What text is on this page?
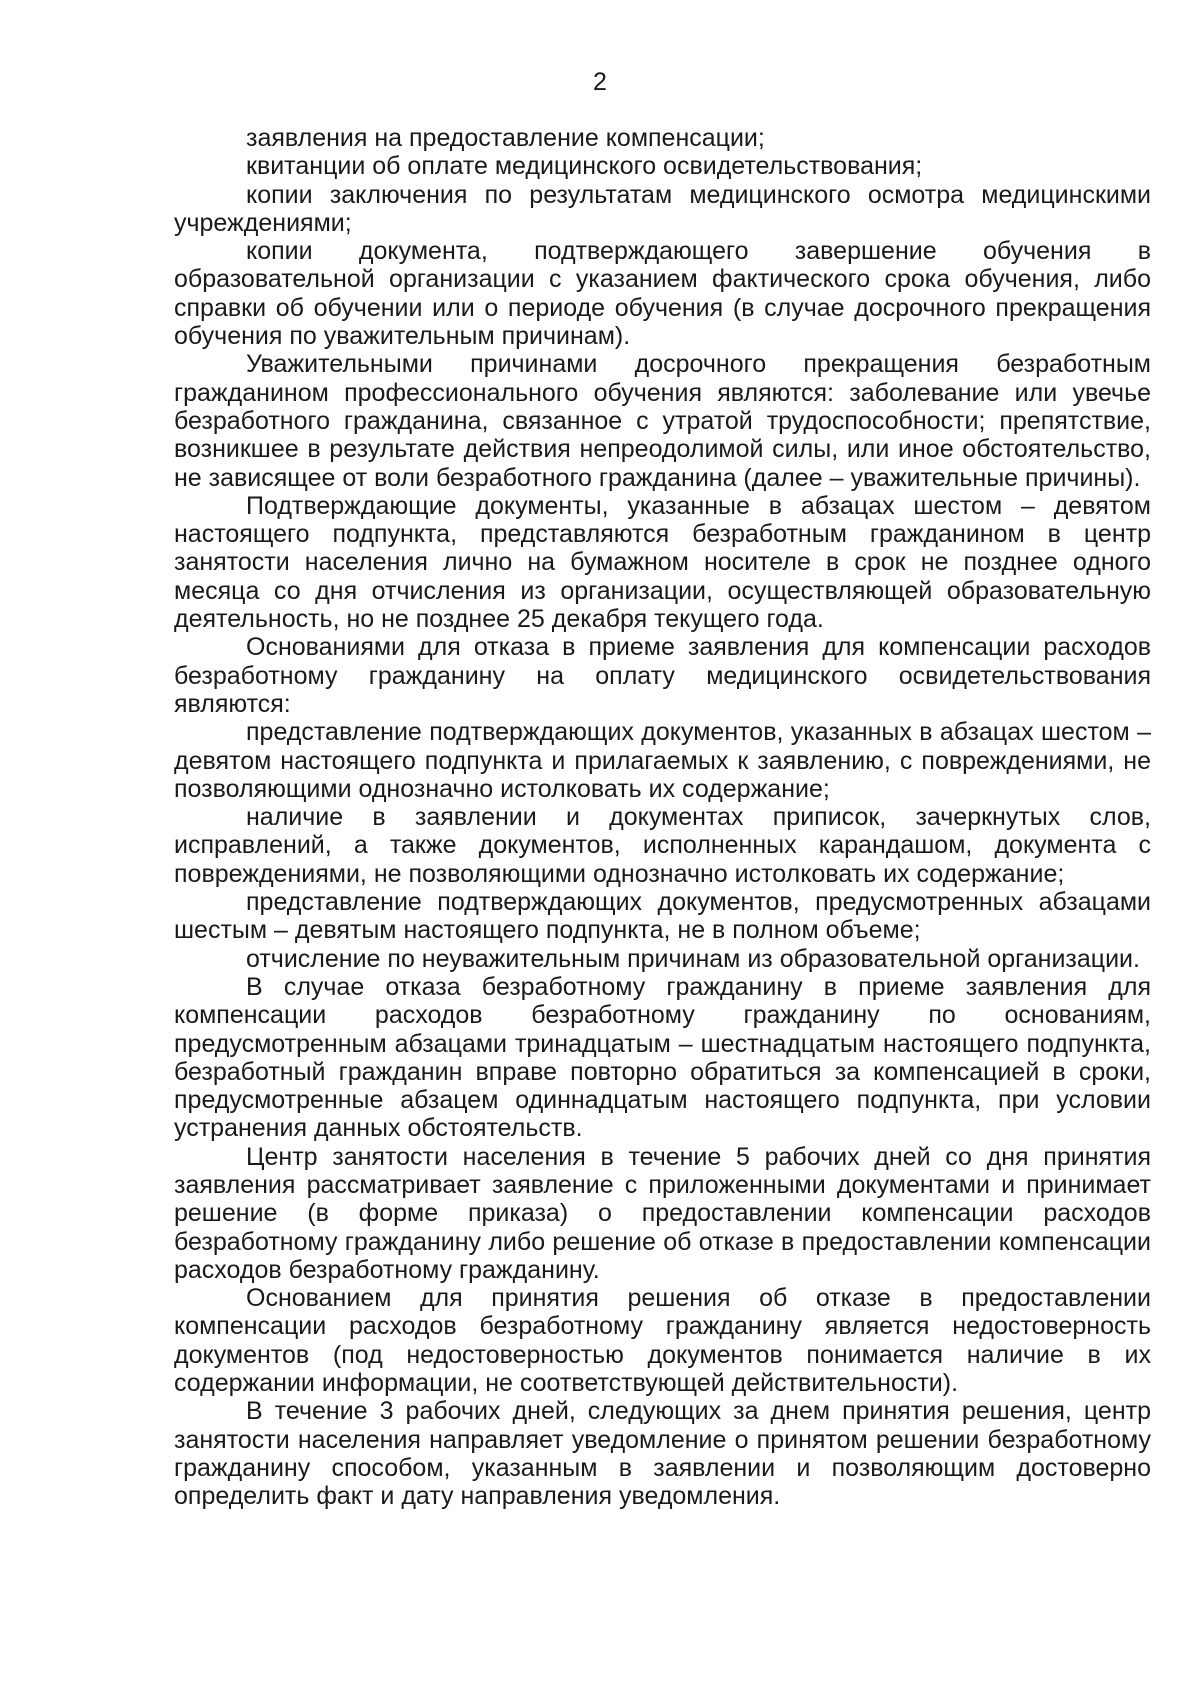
2

заявления на предоставление компенсации;

квитанции об оплате медицинского освидетельствования;

копии заключения по результатам медицинского осмотра медицинскими учреждениями;

копии документа, подтверждающего завершение обучения в образовательной организации с указанием фактического срока обучения, либо справки об обучении или о периоде обучения (в случае досрочного прекращения обучения по уважительным причинам).

Уважительными причинами досрочного прекращения безработным гражданином профессионального обучения являются: заболевание или увечье безработного гражданина, связанное с утратой трудоспособности; препятствие, возникшее в результате действия непреодолимой силы, или иное обстоятельство, не зависящее от воли безработного гражданина (далее – уважительные причины).

Подтверждающие документы, указанные в абзацах шестом – девятом настоящего подпункта, представляются безработным гражданином в центр занятости населения лично на бумажном носителе в срок не позднее одного месяца со дня отчисления из организации, осуществляющей образовательную деятельность, но не позднее 25 декабря текущего года.

Основаниями для отказа в приеме заявления для компенсации расходов безработному гражданину на оплату медицинского освидетельствования являются:

представление подтверждающих документов, указанных в абзацах шестом – девятом настоящего подпункта и прилагаемых к заявлению, с повреждениями, не позволяющими однозначно истолковать их содержание;

наличие в заявлении и документах приписок, зачеркнутых слов, исправлений, а также документов, исполненных карандашом, документа с повреждениями, не позволяющими однозначно истолковать их содержание;

представление подтверждающих документов, предусмотренных абзацами шестым – девятым настоящего подпункта, не в полном объеме;

отчисление по неуважительным причинам из образовательной организации.

В случае отказа безработному гражданину в приеме заявления для компенсации расходов безработному гражданину по основаниям, предусмотренным абзацами тринадцатым – шестнадцатым настоящего подпункта, безработный гражданин вправе повторно обратиться за компенсацией в сроки, предусмотренные абзацем одиннадцатым настоящего подпункта, при условии устранения данных обстоятельств.

Центр занятости населения в течение 5 рабочих дней со дня принятия заявления рассматривает заявление с приложенными документами и принимает решение (в форме приказа) о предоставлении компенсации расходов безработному гражданину либо решение об отказе в предоставлении компенсации расходов безработному гражданину.

Основанием для принятия решения об отказе в предоставлении компенсации расходов безработному гражданину является недостоверность документов (под недостоверностью документов понимается наличие в их содержании информации, не соответствующей действительности).

В течение 3 рабочих дней, следующих за днем принятия решения, центр занятости населения направляет уведомление о принятом решении безработному гражданину способом, указанным в заявлении и позволяющим достоверно определить факт и дату направления уведомления.
